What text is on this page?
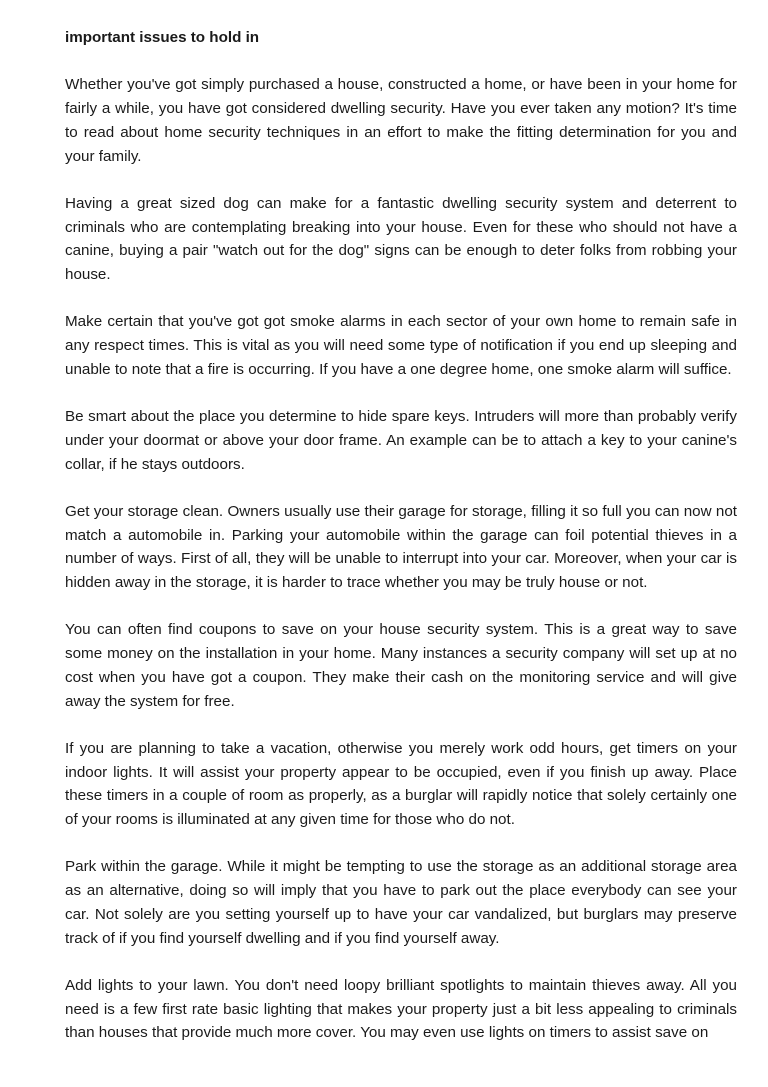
important issues to hold in

Whether you've got simply purchased a house, constructed a home, or have been in your home for fairly a while, you have got considered dwelling security. Have you ever taken any motion? It's time to read about home security techniques in an effort to make the fitting determination for you and your family.

Having a great sized dog can make for a fantastic dwelling security system and deterrent to criminals who are contemplating breaking into your house. Even for these who should not have a canine, buying a pair "watch out for the dog" signs can be enough to deter folks from robbing your house.

Make certain that you've got got smoke alarms in each sector of your own home to remain safe in any respect times. This is vital as you will need some type of notification if you end up sleeping and unable to note that a fire is occurring. If you have a one degree home, one smoke alarm will suffice.

Be smart about the place you determine to hide spare keys. Intruders will more than probably verify under your doormat or above your door frame. An example can be to attach a key to your canine's collar, if he stays outdoors.

Get your storage clean. Owners usually use their garage for storage, filling it so full you can now not match a automobile in. Parking your automobile within the garage can foil potential thieves in a number of ways. First of all, they will be unable to interrupt into your car. Moreover, when your car is hidden away in the storage, it is harder to trace whether you may be truly house or not.

You can often find coupons to save on your house security system. This is a great way to save some money on the installation in your home. Many instances a security company will set up at no cost when you have got a coupon. They make their cash on the monitoring service and will give away the system for free.

If you are planning to take a vacation, otherwise you merely work odd hours, get timers on your indoor lights. It will assist your property appear to be occupied, even if you finish up away. Place these timers in a couple of room as properly, as a burglar will rapidly notice that solely certainly one of your rooms is illuminated at any given time for those who do not.

Park within the garage. While it might be tempting to use the storage as an additional storage area as an alternative, doing so will imply that you have to park out the place everybody can see your car. Not solely are you setting yourself up to have your car vandalized, but burglars may preserve track of if you find yourself dwelling and if you find yourself away.

Add lights to your lawn. You don't need loopy brilliant spotlights to maintain thieves away. All you need is a few first rate basic lighting that makes your property just a bit less appealing to criminals than houses that provide much more cover. You may even use lights on timers to assist save on
